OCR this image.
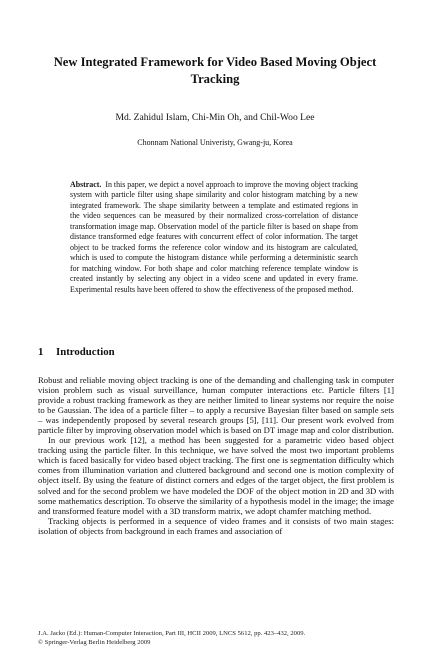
New Integrated Framework for Video Based Moving Object Tracking
Md. Zahidul Islam, Chi-Min Oh, and Chil-Woo Lee
Chonnam National Univeristy, Gwang-ju, Korea

Abstract. In this paper, we depict a novel approach to improve the moving object tracking system with particle filter using shape similarity and color histogram matching by a new integrated framework. The shape similarity between a template and estimated regions in the video sequences can be measured by their normalized cross-correlation of distance transformation image map. Observation model of the particle filter is based on shape from distance transformed edge features with concurrent effect of color information. The target object to be tracked forms the reference color window and its histogram are calculated, which is used to compute the histogram distance while performing a deterministic search for matching window. For both shape and color matching reference template window is created instantly by selecting any object in a video scene and updated in every frame. Experimental results have been offered to show the effectiveness of the proposed method.

1 Introduction

Robust and reliable moving object tracking is one of the demanding and challenging task in computer vision problem such as visual surveillance, human computer interactions etc. Particle filters [1] provide a robust tracking framework as they are neither limited to linear systems nor require the noise to be Gaussian. The idea of a particle filter – to apply a recursive Bayesian filter based on sample sets – was independently proposed by several research groups [5], [11]. Our present work evolved from particle filter by improving observation model which is based on DT image map and color distribution.

In our previous work [12], a method has been suggested for a parametric video based object tracking using the particle filter. In this technique, we have solved the most two important problems which is faced basically for video based object tracking. The first one is segmentation difficulty which comes from illumination variation and cluttered background and second one is motion complexity of object itself. By using the feature of distinct corners and edges of the target object, the first problem is solved and for the second problem we have modeled the DOF of the object motion in 2D and 3D with some mathematics description. To observe the similarity of a hypothesis model in the image; the image and transformed feature model with a 3D transform matrix, we adopt chamfer matching method.

Tracking objects is performed in a sequence of video frames and it consists of two main stages: isolation of objects from background in each frames and association of

J.A. Jacko (Ed.): Human-Computer Interaction, Part III, HCII 2009, LNCS 5612, pp. 423–432, 2009.
© Springer-Verlag Berlin Heidelberg 2009
